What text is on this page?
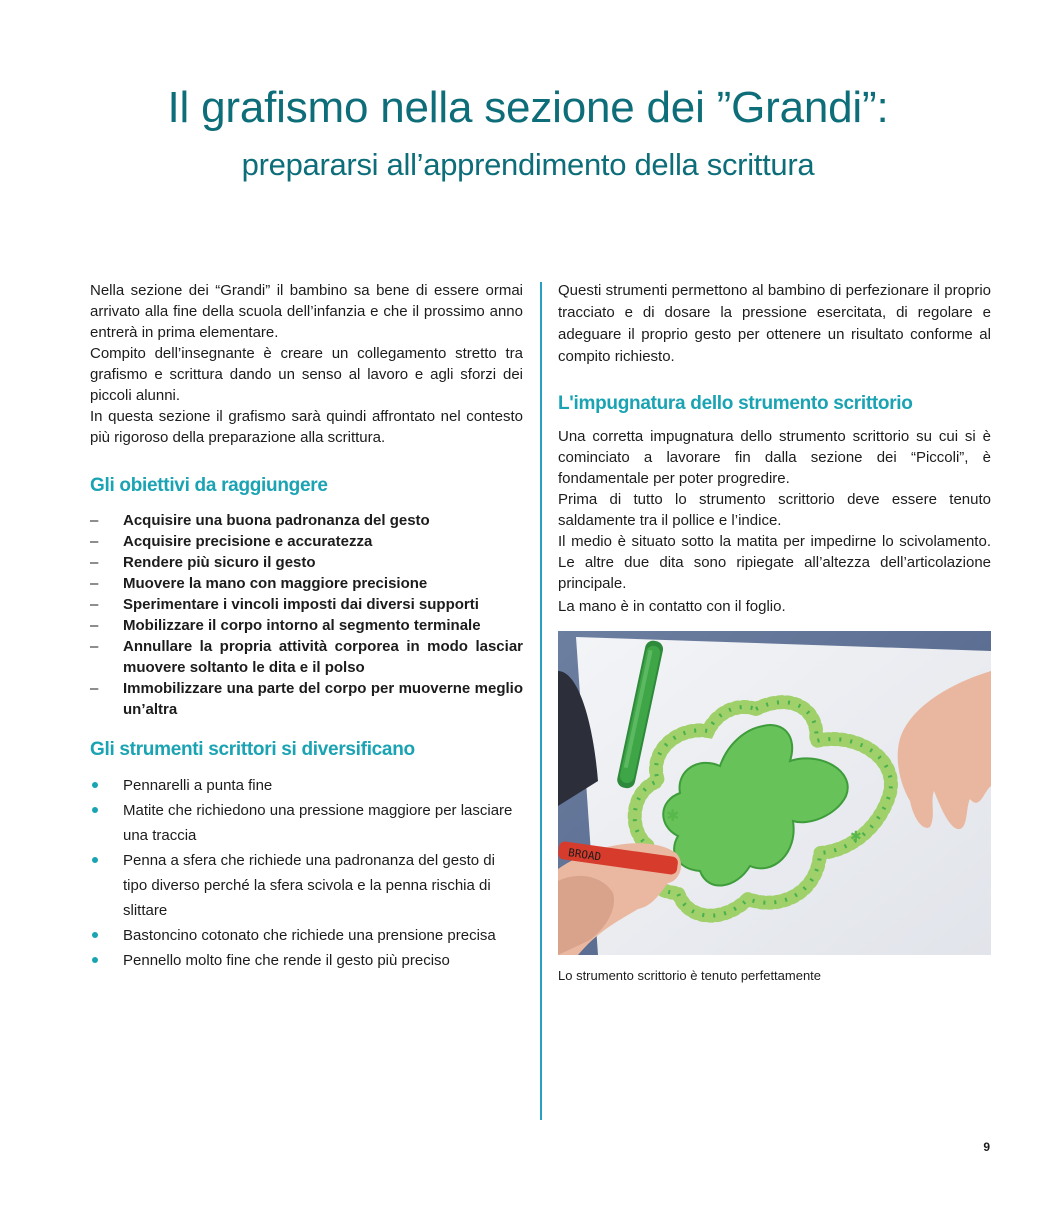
Il grafismo nella sezione dei ”Grandi”:
prepararsi all’apprendimento della scrittura

Nella sezione dei “Grandi” il bambino sa bene di essere ormai arrivato alla fine della scuola dell’infanzia e che il prossimo anno entrerà in prima elementare.

Compito dell’insegnante è creare un collegamento stretto tra grafismo e scrittura dando un senso al lavoro e agli sforzi dei piccoli alunni.

In questa sezione il grafismo sarà quindi affrontato nel contesto più rigoroso della preparazione alla scrittura.

Gli obiettivi da raggiungere
– Acquisire una buona padronanza del gesto
– Acquisire precisione e accuratezza
– Rendere più sicuro il gesto
– Muovere la mano con maggiore precisione
– Sperimentare i vincoli imposti dai diversi supporti
– Mobilizzare il corpo intorno al segmento terminale
– Annullare la propria attività corporea in modo lasciar muovere soltanto le dita e il polso
– Immobilizzare una parte del corpo per muoverne meglio un’altra
Gli strumenti scrittori si diversificano
Pennarelli a punta fine
Matite che richiedono una pressione maggiore per lasciare una traccia
Penna a sfera che richiede una padronanza del gesto di tipo diverso perché la sfera scivola e la penna rischia di slittare
Bastoncino cotonato che richiede una prensione precisa
Pennello molto fine che rende il gesto più preciso

Questi strumenti permettono al bambino di perfezionare il proprio tracciato e di dosare la pressione esercitata, di regolare e adeguare il proprio gesto per ottenere un risultato conforme al compito richiesto.

L'impugnatura dello strumento scrittorio

Una corretta impugnatura dello strumento scrittorio su cui si è cominciato a lavorare fin dalla sezione dei “Piccoli”, è fondamentale per poter progredire.

Prima di tutto lo strumento scrittorio deve essere tenuto saldamente tra il pollice e l’indice.

Il medio è situato sotto la matita per impedirne lo scivolamento. Le altre due dita sono ripiegate all’altezza dell’articolazione principale.

La mano è in contatto con il foglio.

✱
✱
BROAD
Lo strumento scrittorio è tenuto perfettamente
9
